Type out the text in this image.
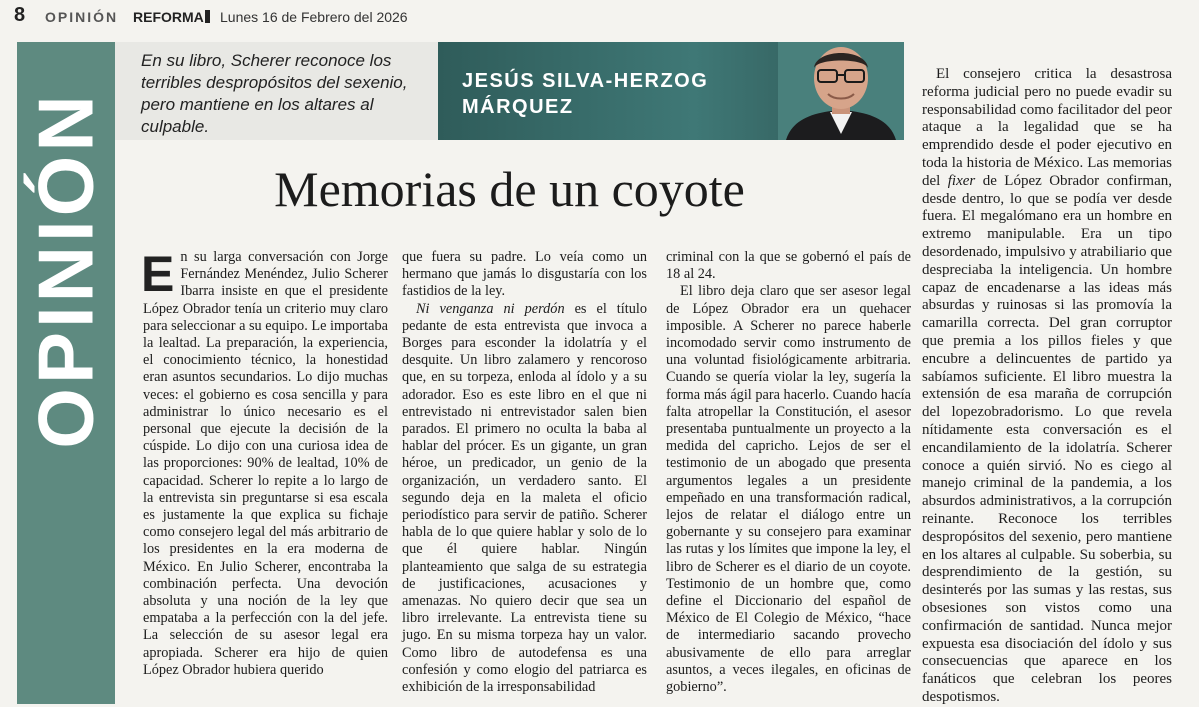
8 OPINIÓN REFORMA Lunes 16 de Febrero del 2026
OPINIÓN
En su libro, Scherer reconoce los terribles despropósitos del sexenio, pero mantiene en los altares al culpable.
JESÚS SILVA-HERZOG
MÁRQUEZ
Memorias de un coyote

En su larga conversación con Jorge Fernández Menéndez, Julio Scherer Ibarra insiste en que el presidente López Obrador tenía un criterio muy claro para seleccionar a su equipo. Le importaba la lealtad. La preparación, la experiencia, el conocimiento técnico, la honestidad eran asuntos secundarios. Lo dijo muchas veces: el gobierno es cosa sencilla y para administrar lo único necesario es el personal que ejecute la decisión de la cúspide. Lo dijo con una curiosa idea de las proporciones: 90% de lealtad, 10% de capacidad. Scherer lo repite a lo largo de la entrevista sin preguntarse si esa escala es justamente la que explica su fichaje como consejero legal del más arbitrario de los presidentes en la era moderna de México. En Julio Scherer, encontraba la combinación perfecta. Una devoción absoluta y una noción de la ley que empataba a la perfección con la del jefe. La selección de su asesor legal era apropiada. Scherer era hijo de quien López Obrador hubiera querido

que fuera su padre. Lo veía como un hermano que jamás lo disgustaría con los fastidios de la ley.

Ni venganza ni perdón es el título pedante de esta entrevista que invoca a Borges para esconder la idolatría y el desquite. Un libro zalamero y rencoroso que, en su torpeza, enloda al ídolo y a su adorador. Eso es este libro en el que ni entrevistado ni entrevistador salen bien parados. El primero no oculta la baba al hablar del prócer. Es un gigante, un gran héroe, un predicador, un genio de la organización, un verdadero santo. El segundo deja en la maleta el oficio periodístico para servir de patiño. Scherer habla de lo que quiere hablar y solo de lo que él quiere hablar. Ningún planteamiento que salga de su estrategia de justificaciones, acusaciones y amenazas. No quiero decir que sea un libro irrelevante. La entrevista tiene su jugo. En su misma torpeza hay un valor. Como libro de autodefensa es una confesión y como elogio del patriarca es exhibición de la irresponsabilidad

criminal con la que se gobernó el país de 18 al 24.

El libro deja claro que ser asesor legal de López Obrador era un quehacer imposible. A Scherer no parece haberle incomodado servir como instrumento de una voluntad fisiológicamente arbitraria. Cuando se quería violar la ley, sugería la forma más ágil para hacerlo. Cuando hacía falta atropellar la Constitución, el asesor presentaba puntualmente un proyecto a la medida del capricho. Lejos de ser el testimonio de un abogado que presenta argumentos legales a un presidente empeñado en una transformación radical, lejos de relatar el diálogo entre un gobernante y su consejero para examinar las rutas y los límites que impone la ley, el libro de Scherer es el diario de un coyote. Testimonio de un hombre que, como define el Diccionario del español de México de El Colegio de México, “hace de intermediario sacando provecho abusivamente de ello para arreglar asuntos, a veces ilegales, en oficinas de gobierno”.

El consejero critica la desastrosa reforma judicial pero no puede evadir su responsabilidad como facilitador del peor ataque a la legalidad que se ha emprendido desde el poder ejecutivo en toda la historia de México. Las memorias del fixer de López Obrador confirman, desde dentro, lo que se podía ver desde fuera. El megalómano era un hombre en extremo manipulable. Era un tipo desordenado, impulsivo y atrabiliario que despreciaba la inteligencia. Un hombre capaz de encadenarse a las ideas más absurdas y ruinosas si las promovía la camarilla correcta. Del gran corruptor que premia a los pillos fieles y que encubre a delincuentes de partido ya sabíamos suficiente. El libro muestra la extensión de esa maraña de corrupción del lopezobradorismo. Lo que revela nítidamente esta conversación es el encandilamiento de la idolatría. Scherer conoce a quién sirvió. No es ciego al manejo criminal de la pandemia, a los absurdos administrativos, a la corrupción reinante. Reconoce los terribles despropósitos del sexenio, pero mantiene en los altares al culpable. Su soberbia, su desprendimiento de la gestión, su desinterés por las sumas y las restas, sus obsesiones son vistos como una confirmación de santidad. Nunca mejor expuesta esa disociación del ídolo y sus consecuencias que aparece en los fanáticos que celebran los peores despotismos.
